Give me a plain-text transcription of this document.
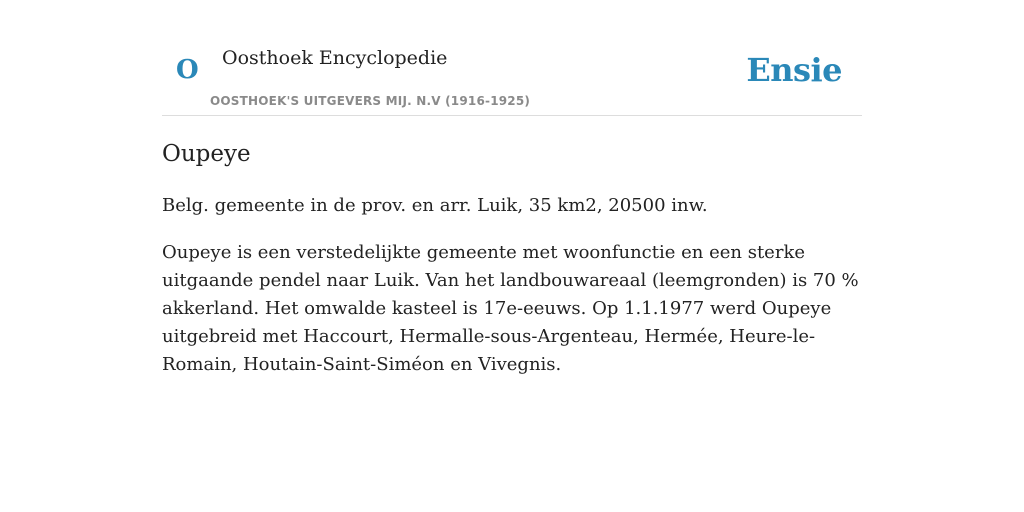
O Oosthoek Encyclopedie
OOSTHOEK'S UITGEVERS MIJ. N.V (1916-1925)
Ensie
Oupeye

Belg. gemeente in de prov. en arr. Luik, 35 km2, 20500 inw.

Oupeye is een verstedelijkte gemeente met woonfunctie en een sterke uitgaande pendel naar Luik. Van het landbouwareaal (leemgronden) is 70 % akkerland. Het omwalde kasteel is 17e-eeuws. Op 1.1.1977 werd Oupeye uitgebreid met Haccourt, Hermalle-sous-Argenteau, Hermée, Heure-le-Romain, Houtain-Saint-Siméon en Vivegnis.
